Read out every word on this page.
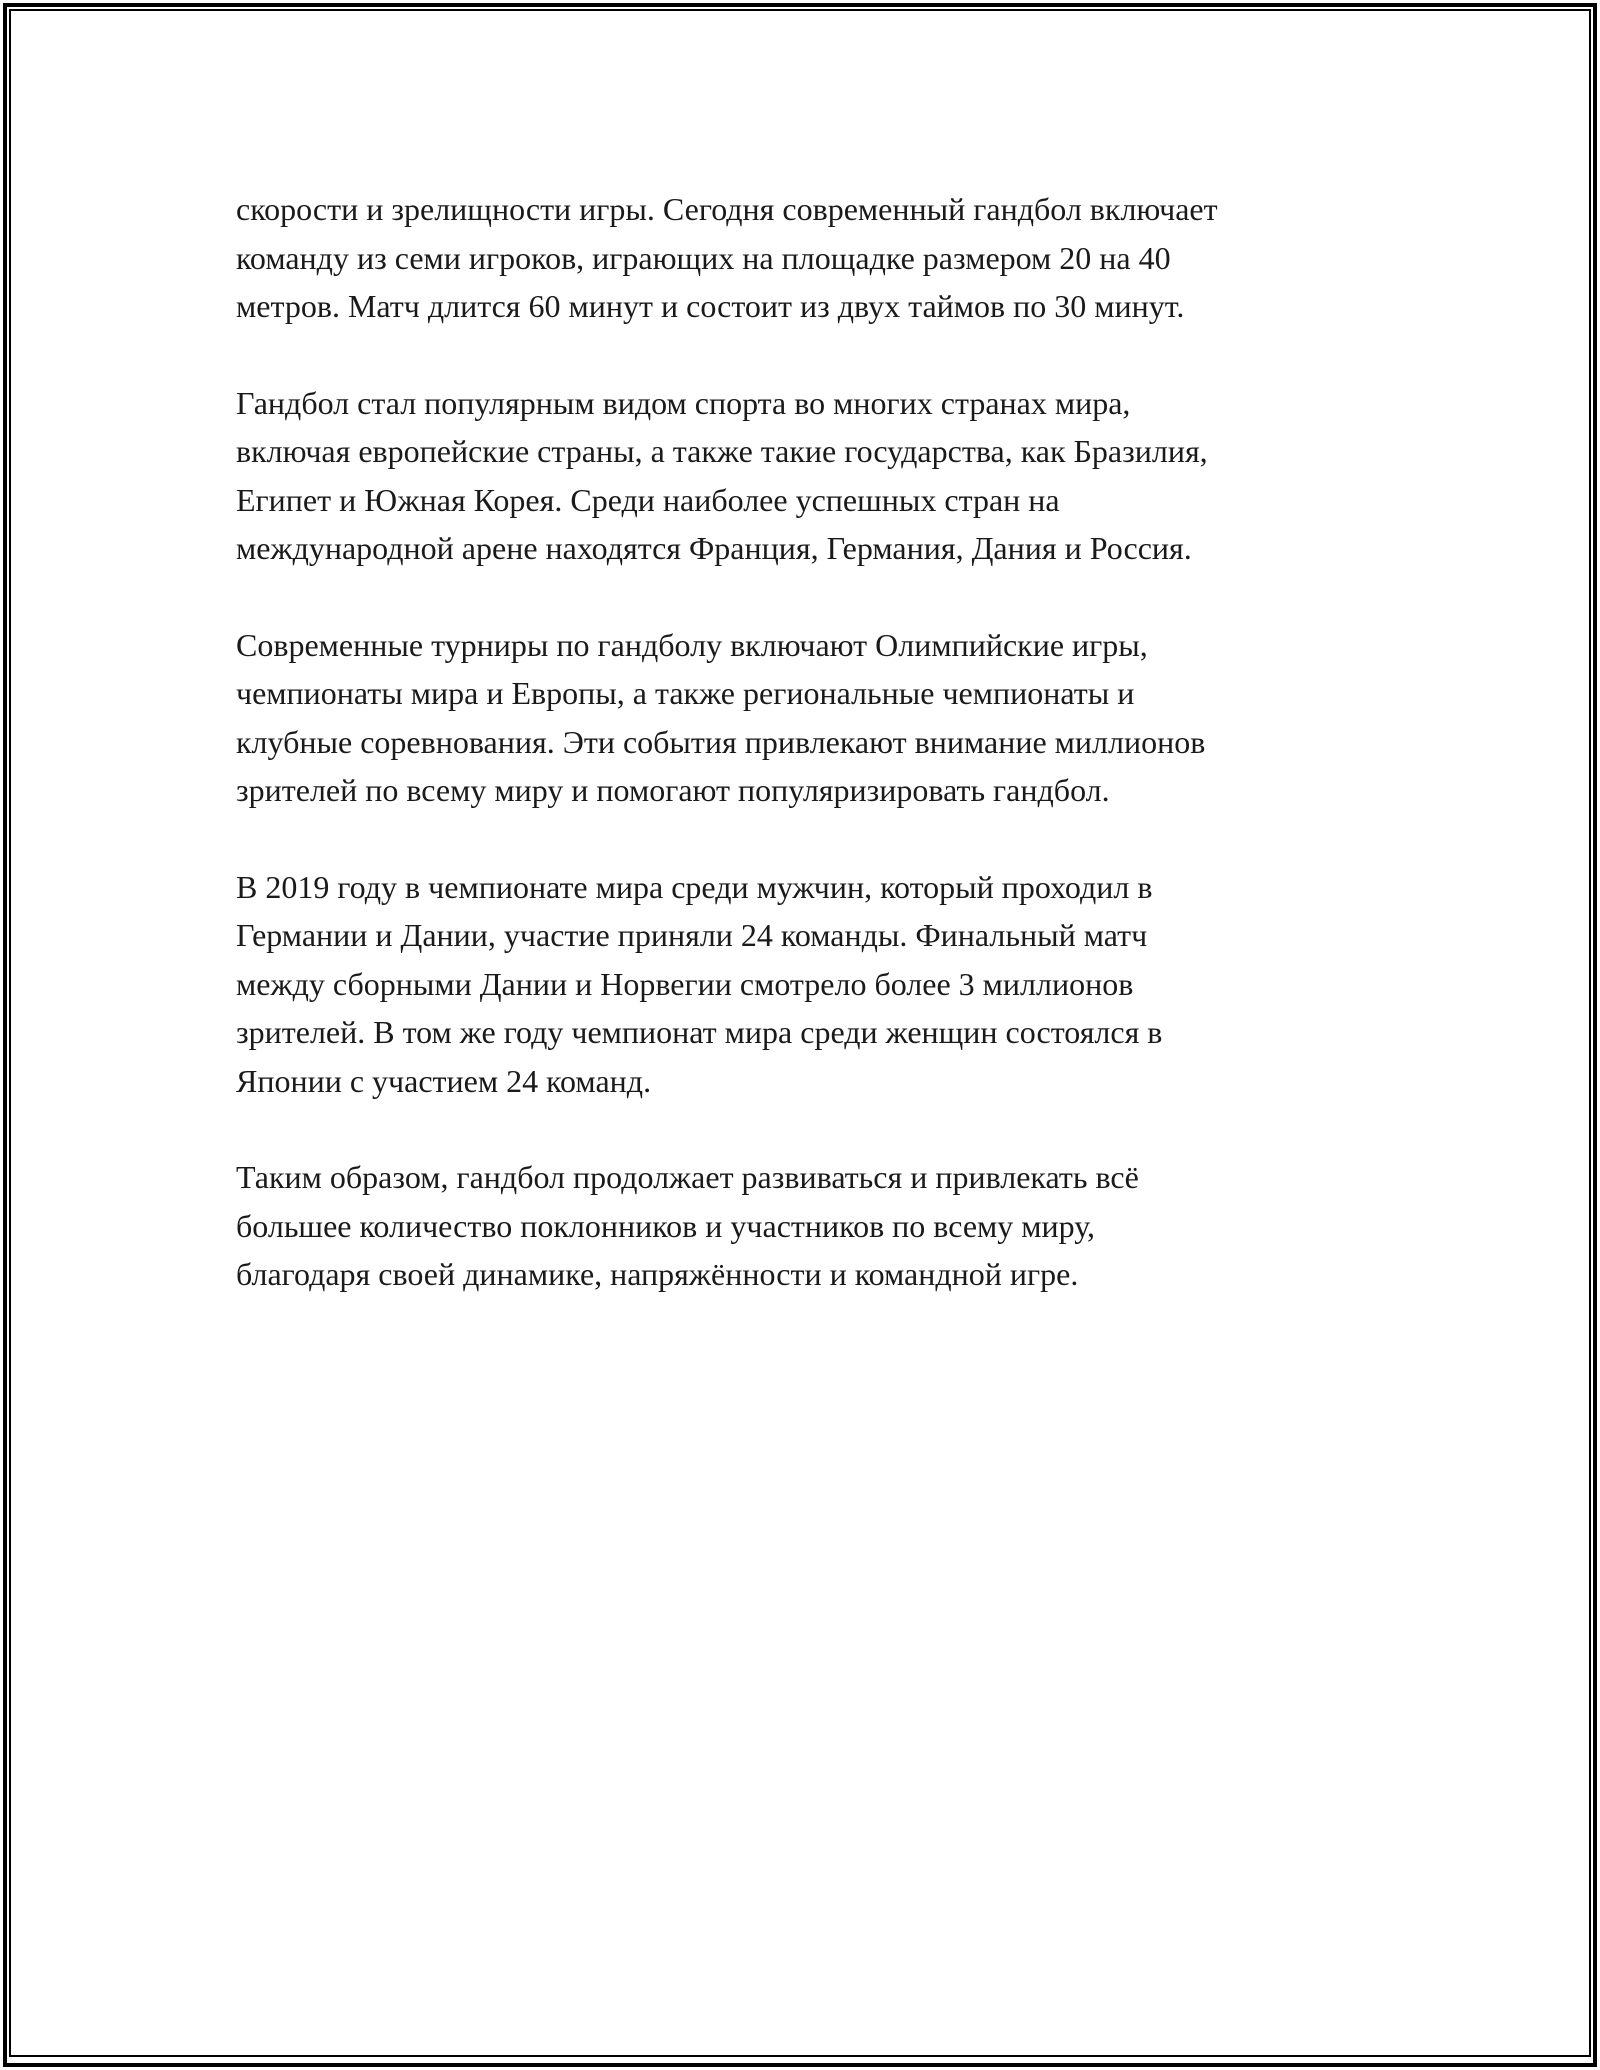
скорости и зрелищности игры. Сегодня современный гандбол включает
команду из семи игроков, играющих на площадке размером 20 на 40
метров. Матч длится 60 минут и состоит из двух таймов по 30 минут.

Гандбол стал популярным видом спорта во многих странах мира,
включая европейские страны, а также такие государства, как Бразилия,
Египет и Южная Корея. Среди наиболее успешных стран на
международной арене находятся Франция, Германия, Дания и Россия.

Современные турниры по гандболу включают Олимпийские игры,
чемпионаты мира и Европы, а также региональные чемпионаты и
клубные соревнования. Эти события привлекают внимание миллионов
зрителей по всему миру и помогают популяризировать гандбол.

В 2019 году в чемпионате мира среди мужчин, который проходил в
Германии и Дании, участие приняли 24 команды. Финальный матч
между сборными Дании и Норвегии смотрело более 3 миллионов
зрителей. В том же году чемпионат мира среди женщин состоялся в
Японии с участием 24 команд.

Таким образом, гандбол продолжает развиваться и привлекать всё
большее количество поклонников и участников по всему миру,
благодаря своей динамике, напряжённости и командной игре.
